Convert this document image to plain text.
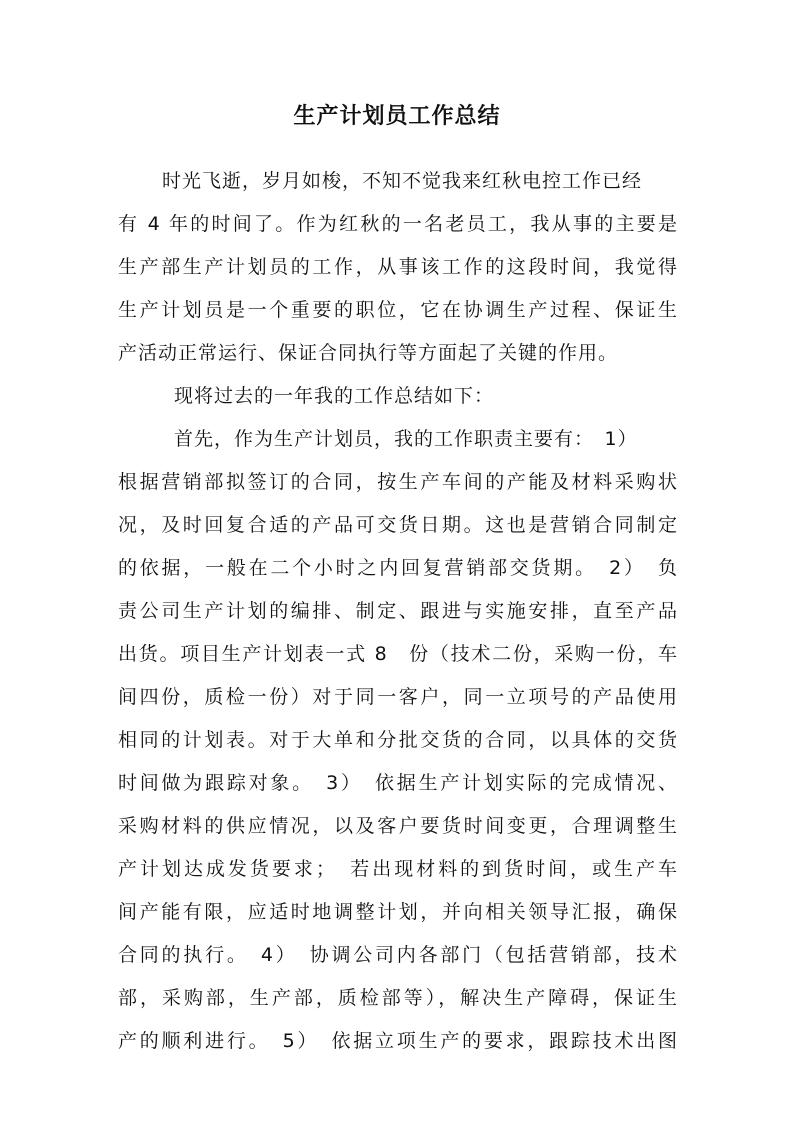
生产计划员工作总结
时光飞逝，岁月如梭，不知不觉我来红秋电控工作已经
有 4 年的时间了。作为红秋的一名老员工，我从事的主要是
生产部生产计划员的工作，从事该工作的这段时间，我觉得
生产计划员是一个重要的职位，它在协调生产过程、保证生
产活动正常运行、保证合同执行等方面起了关键的作用。
现将过去的一年我的工作总结如下：
首先，作为生产计划员，我的工作职责主要有：　1）
根据营销部拟签订的合同，按生产车间的产能及材料采购状
况，及时回复合适的产品可交货日期。这也是营销合同制定
的依据，一般在二个小时之内回复营销部交货期。　2）　负
责公司生产计划的编排、制定、跟进与实施安排，直至产品
出货。项目生产计划表一式 8　份（技术二份，采购一份，车
间四份，质检一份）对于同一客户，同一立项号的产品使用
相同的计划表。对于大单和分批交货的合同，以具体的交货
时间做为跟踪对象。　3）　依据生产计划实际的完成情况、
采购材料的供应情况，以及客户要货时间变更，合理调整生
产计划达成发货要求；　若出现材料的到货时间，或生产车
间产能有限，应适时地调整计划，并向相关领导汇报，确保
合同的执行。　4）　协调公司内各部门（包括营销部，技术
部，采购部，生产部，质检部等），解决生产障碍，保证生
产的顺利进行。　5）　依据立项生产的要求，跟踪技术出图
